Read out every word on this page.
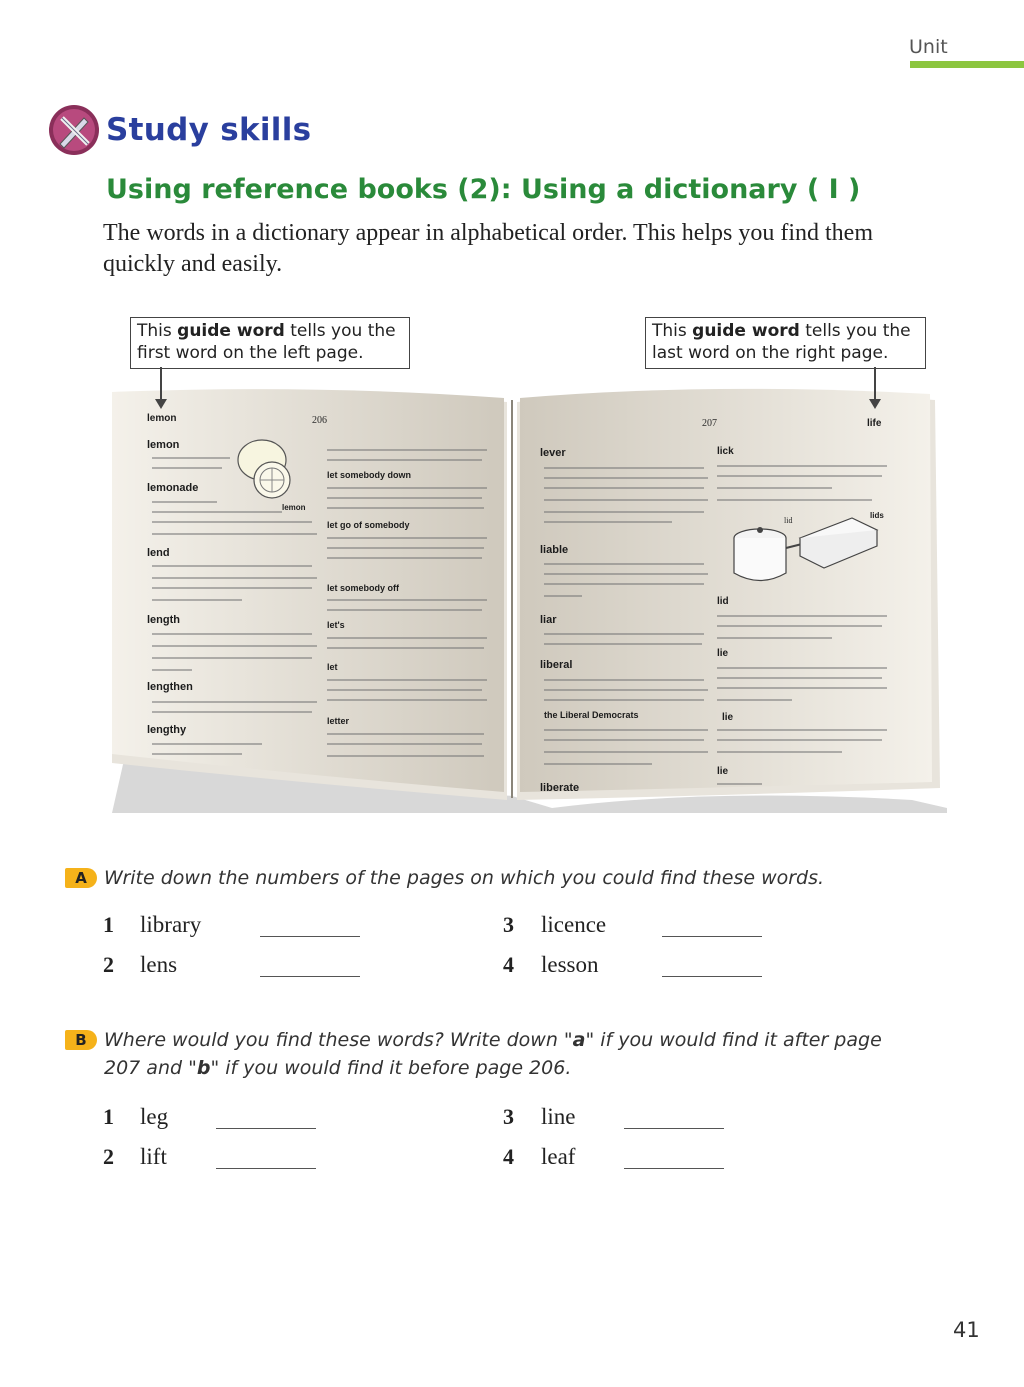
Unit
Study skills
Using reference books (2): Using a dictionary ( I )
The words in a dictionary appear in alphabetical order. This helps you find them quickly and easily.
This guide word tells you the first word on the left page.
This guide word tells you the last word on the right page.
lemon	206	207	life
lemon
lemonade
lend
length
lengthen
lengthy
let somebody down
let go of somebody
let somebody off
let's
let
letter
lever
liable
liar
liberal
the Liberal Democrats
liberate
lick
lid
lie
lie
lie
lemon
lid
lids
A Write down the numbers of the pages on which you could find these words.
1 library
2 lens
3 licence
4 lesson
B Where would you find these words? Write down "a" if you would find it after page 207 and "b" if you would find it before page 206.
1 leg
2 lift
3 line
4 leaf
41
